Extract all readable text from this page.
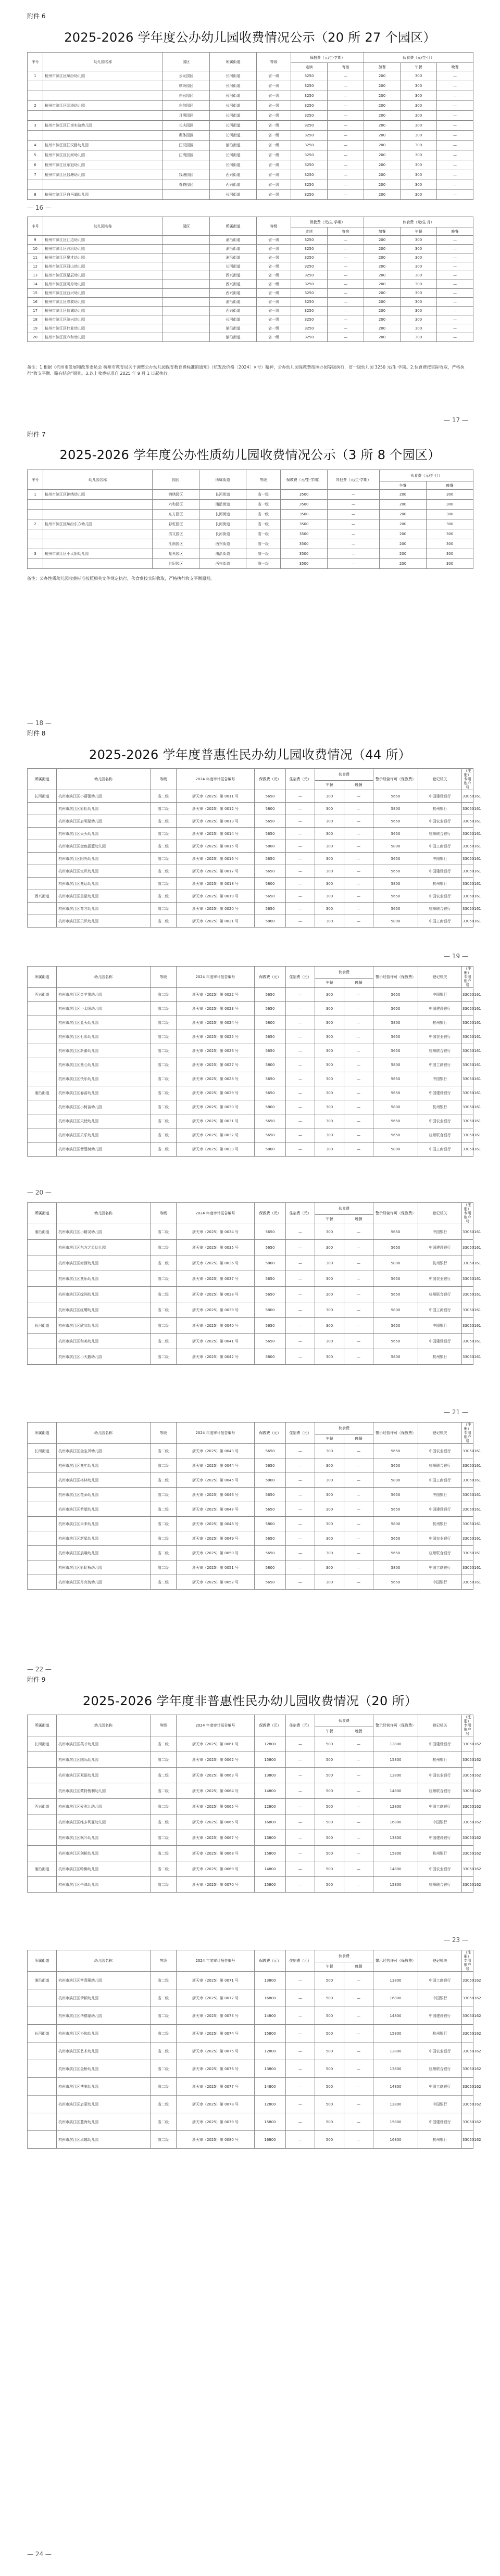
附件 6
2025-2026 学年度公办幼儿园收费情况公示（20 所 27 个园区）
序号	幼儿园名称	园区	所属街道	等级	保教费（元/生·学期）		伙食费（元/生·月）		
					走读	寄宿	加餐	午餐	晚餐
1	杭州市滨江区缤纷幼儿园	公元园区	长河街道	省一级	3250	—	200	300	—
		缤纷园区	长河街道	省一级	3250	—	200	300	—
		东冠园区	长河街道	省一级	3250	—	200	300	—
2	杭州市滨江区闻涛幼儿园	东信园区	长河街道	省一级	3250	—	200	300	—
		月明园区	长河街道	省一级	3250	—	200	300	—
3	杭州市滨江区江南实验幼儿园	长庆园区	长河街道	省一级	3250	—	200	300	—
		奥体园区	长河街道	省一级	3250	—	200	300	—
4	杭州市滨江区江汉路幼儿园	江汉园区	浦沿街道	省一级	3250	—	200	300	—
5	杭州市滨江区长河幼儿园	江湾园区	长河街道	省一级	3250	—	200	300	—
6	杭州市滨江区东冠幼儿园		长河街道	省一级	3250	—	200	300	—
7	杭州市滨江区钱塘幼儿园	钱塘园区	西兴街道	省一级	3250	—	200	300	—
		春晓园区	西兴街道	省一级	3250	—	200	300	—
8	杭州市滨江区白马湖幼儿园		长河街道	省一级	3250	—	200	300	—
— 16 —
序号	幼儿园名称	园区	所属街道	等级	保教费（元/生·学期）		伙食费（元/生·月）		
					走读	寄宿	加餐	午餐	晚餐
9	杭州市滨江区江边幼儿园		浦沿街道	省一级	3250	—	200	300	—
10	杭州市滨江区浦沿幼儿园		浦沿街道	省一级	3250	—	200	300	—
11	杭州市滨江区聚才幼儿园		浦沿街道	省一级	3250	—	200	300	—
12	杭州市滨江区冠山幼儿园		长河街道	省一级	3250	—	200	300	—
13	杭州市滨江区星辰幼儿园		西兴街道	省一级	3250	—	200	300	—
14	杭州市滨江区明月幼儿园		西兴街道	省一级	3250	—	200	300	—
15	杭州市滨江区西兴幼儿园		西兴街道	省一级	3250	—	200	300	—
16	杭州市滨江区春波幼儿园		浦沿街道	省一级	3250	—	200	300	—
17	杭州市滨江区信诚幼儿园		西兴街道	省一级	3250	—	200	300	—
18	杭州市滨江区滨兴幼儿园		长河街道	省一级	3250	—	200	300	—
19	杭州市滨江区伟业幼儿园		浦沿街道	省一级	3250	—	200	300	—
20	杭州市滨江区六和幼儿园		浦沿街道	省一级	3250	—	200	300	—
备注：1.根据《杭州市发展和改革委员会 杭州市教育局关于调整公办幼儿园保育教育费标准的通知》（杭发改价格〔2024〕×号）精神，公办幼儿园保教费按照办园等级执行，省一级幼儿园 3250 元/生·学期。2.伙食费按实际收取，严格执行“收支平衡、略有结余”原则。3.以上收费标准自 2025 年 9 月 1 日起执行。
— 17 —
附件 7
2025-2026 学年度公办性质幼儿园收费情况公示（3 所 8 个园区）
序号	幼儿园名称	园区	所属街道	等级	保教费（元/生·学期）	其他费（元/生·学期）	伙食费（元/生·月）	
							午餐	晚餐
1	杭州市滨江区锦绣幼儿园	锦绣园区	长河街道	省一级	3500	—	200	300
		六和园区	浦沿街道	省一级	3500	—	200	300
		东方园区	长河街道	省一级	3500	—	200	300
2	杭州市滨江区缤纷东方幼儿园	彩虹园区	长河街道	省一级	3500	—	200	300
		滨文园区	长河街道	省一级	3500	—	200	300
		江南园区	西兴街道	省一级	3500	—	200	300
3	杭州市滨江区小太阳幼儿园	星光园区	浦沿街道	省一级	3500	—	200	300
		世纪园区	西兴街道	省一级	3500	—	200	300
备注：公办性质幼儿园收费标准按照相关文件规定执行，伙食费按实际收取，严格执行收支平衡原则。
— 18 —
附件 8
2025-2026 学年度普惠性民办幼儿园收费情况（44 所）
所属街道	幼儿园名称	等级	2024 年度审计报告编号	保教费（元）	住宿费（元）	伙食费		警示经营许可（保教费）	登记机关	（注册）专用账户号
						午餐	晚餐			
长河街道	杭州市滨江区小蓓蕾幼儿园	省二级	浙天审（2025）第 0011 号	5650	—	300	—	5650	中国建设银行	33050161
	杭州市滨江区彩虹幼儿园	省二级	浙天审（2025）第 0012 号	5800	—	300	—	5800	杭州银行	33050161
	杭州市滨江区启明星幼儿园	省二级	浙天审（2025）第 0013 号	5650	—	300	—	5650	中国农业银行	33050161
	杭州市滨江区天天幼儿园	省二级	浙天审（2025）第 0014 号	5650	—	300	—	5650	杭州联合银行	33050161
	杭州市滨江区金色摇篮幼儿园	省二级	浙天审（2025）第 0015 号	5800	—	300	—	5800	中国工商银行	33050161
	杭州市滨江区阳光幼儿园	省二级	浙天审（2025）第 0016 号	5650	—	300	—	5650	中国银行	33050161
	杭州市滨江区宝贝幼儿园	省二级	浙天审（2025）第 0017 号	5650	—	300	—	5650	中国建设银行	33050161
	杭州市滨江区童话幼儿园	省二级	浙天审（2025）第 0018 号	5800	—	300	—	5800	杭州银行	33050161
西兴街道	杭州市滨江区星星幼儿园	省二级	浙天审（2025）第 0019 号	5650	—	300	—	5650	中国农业银行	33050161
	杭州市滨江区育才幼儿园	省二级	浙天审（2025）第 0020 号	5650	—	300	—	5650	杭州联合银行	33050161
	杭州市滨江区贝贝幼儿园	省二级	浙天审（2025）第 0021 号	5800	—	300	—	5800	中国工商银行	33050161
— 19 —
所属街道	幼儿园名称	等级	2024 年度审计报告编号	保教费（元）	住宿费（元）	伙食费		警示经营许可（保教费）	登记机关	（注册）专用账户号
						午餐	晚餐			
西兴街道	杭州市滨江区金苹果幼儿园	省二级	浙天审（2025）第 0022 号	5650	—	300	—	5650	中国银行	33050161
	杭州市滨江区小太阳幼儿园	省二级	浙天审（2025）第 0023 号	5650	—	300	—	5650	中国建设银行	33050161
	杭州市滨江区蓝天幼儿园	省二级	浙天审（2025）第 0024 号	5800	—	300	—	5800	杭州银行	33050161
	杭州市滨江区七彩幼儿园	省二级	浙天审（2025）第 0025 号	5650	—	300	—	5650	中国农业银行	33050161
	杭州市滨江区新蕾幼儿园	省二级	浙天审（2025）第 0026 号	5650	—	300	—	5650	杭州联合银行	33050161
	杭州市滨江区童心幼儿园	省二级	浙天审（2025）第 0027 号	5800	—	300	—	5800	中国工商银行	33050161
	杭州市滨江区快乐幼儿园	省二级	浙天审（2025）第 0028 号	5650	—	300	—	5650	中国银行	33050161
浦沿街道	杭州市滨江区春苗幼儿园	省二级	浙天审（2025）第 0029 号	5650	—	300	—	5650	中国建设银行	33050161
	杭州市滨江区小树苗幼儿园	省二级	浙天审（2025）第 0030 号	5800	—	300	—	5800	杭州银行	33050161
	杭州市滨江区天使幼儿园	省二级	浙天审（2025）第 0031 号	5650	—	300	—	5650	中国农业银行	33050161
	杭州市滨江区乐乐幼儿园	省二级	浙天审（2025）第 0032 号	5650	—	300	—	5650	杭州联合银行	33050161
	杭州市滨江区智慧树幼儿园	省二级	浙天审（2025）第 0033 号	5800	—	300	—	5800	中国工商银行	33050161
— 20 —
所属街道	幼儿园名称	等级	2024 年度审计报告编号	保教费（元）	住宿费（元）	伙食费		警示经营许可（保教费）	登记机关	（注册）专用账户号
						午餐	晚餐			
浦沿街道	杭州市滨江区小精灵幼儿园	省二级	浙天审（2025）第 0034 号	5650	—	300	—	5650	中国银行	33050161
	杭州市滨江区东方之星幼儿园	省二级	浙天审（2025）第 0035 号	5650	—	300	—	5650	中国建设银行	33050161
	杭州市滨江区海豚幼儿园	省二级	浙天审（2025）第 0036 号	5800	—	300	—	5800	杭州银行	33050161
	杭州市滨江区童乐幼儿园	省二级	浙天审（2025）第 0037 号	5650	—	300	—	5650	中国农业银行	33050161
	杭州市滨江区绿洲幼儿园	省二级	浙天审（2025）第 0038 号	5650	—	300	—	5650	杭州联合银行	33050161
	杭州市滨江区红缨幼儿园	省二级	浙天审（2025）第 0039 号	5800	—	300	—	5800	中国工商银行	33050161
长河街道	杭州市滨江区欣欣幼儿园	省二级	浙天审（2025）第 0040 号	5650	—	300	—	5650	中国银行	33050161
	杭州市滨江区和美幼儿园	省二级	浙天审（2025）第 0041 号	5650	—	300	—	5650	中国建设银行	33050161
	杭州市滨江区小天鹅幼儿园	省二级	浙天审（2025）第 0042 号	5800	—	300	—	5800	杭州银行	33050161
— 21 —
所属街道	幼儿园名称	等级	2024 年度审计报告编号	保教费（元）	住宿费（元）	伙食费		警示经营许可（保教费）	登记机关	（注册）专用账户号
						午餐	晚餐			
长河街道	杭州市滨江区金宝贝幼儿园	省二级	浙天审（2025）第 0043 号	5650	—	300	—	5650	中国农业银行	33050161
	杭州市滨江区童年幼儿园	省二级	浙天审（2025）第 0044 号	5650	—	300	—	5650	杭州联合银行	33050161
	杭州市滨江区格林幼儿园	省二级	浙天审（2025）第 0045 号	5800	—	300	—	5800	中国工商银行	33050161
	杭州市滨江区花朵幼儿园	省二级	浙天审（2025）第 0046 号	5650	—	300	—	5650	中国银行	33050161
	杭州市滨江区希望幼儿园	省二级	浙天审（2025）第 0047 号	5650	—	300	—	5650	中国建设银行	33050161
	杭州市滨江区未来幼儿园	省二级	浙天审（2025）第 0048 号	5800	—	300	—	5800	杭州银行	33050161
	杭州市滨江区新星幼儿园	省二级	浙天审（2025）第 0049 号	5650	—	300	—	5650	中国农业银行	33050161
	杭州市滨江区晨曦幼儿园	省二级	浙天审（2025）第 0050 号	5650	—	300	—	5650	杭州联合银行	33050161
	杭州市滨江区彩虹桥幼儿园	省二级	浙天审（2025）第 0051 号	5800	—	300	—	5800	中国工商银行	33050161
	杭州市滨江区月亮湾幼儿园	省二级	浙天审（2025）第 0052 号	5650	—	300	—	5650	中国银行	33050161
— 22 —
附件 9
2025-2026 学年度非普惠性民办幼儿园收费情况（20 所）
所属街道	幼儿园名称	等级	2024 年度审计报告编号	保教费（元）	住宿费（元）	伙食费		警示经营许可（保教费）	登记机关	（注册）专用账户号
						午餐	晚餐			
长河街道	杭州市滨江区英才幼儿园	省二级	浙天审（2025）第 0061 号	12800	—	500	—	12800	中国建设银行	33050162
	杭州市滨江区国际幼儿园	省二级	浙天审（2025）第 0062 号	15800	—	500	—	15800	杭州银行	33050162
	杭州市滨江区双语幼儿园	省二级	浙天审（2025）第 0063 号	13800	—	500	—	13800	中国农业银行	33050162
	杭州市滨江区蒙特梭利幼儿园	省二级	浙天审（2025）第 0064 号	14800	—	500	—	14800	杭州联合银行	33050162
西兴街道	杭州市滨江区爱弥儿幼儿园	省二级	浙天审（2025）第 0065 号	12800	—	500	—	12800	中国工商银行	33050162
	杭州市滨江区维多利亚幼儿园	省二级	浙天审（2025）第 0066 号	16800	—	500	—	16800	中国银行	33050162
	杭州市滨江区枫叶幼儿园	省二级	浙天审（2025）第 0067 号	13800	—	500	—	13800	中国建设银行	33050162
	杭州市滨江区剑桥幼儿园	省二级	浙天审（2025）第 0068 号	15800	—	500	—	15800	杭州银行	33050162
浦沿街道	杭州市滨江区哈佛幼儿园	省二级	浙天审（2025）第 0069 号	14800	—	500	—	14800	中国农业银行	33050162
	杭州市滨江区牛津幼儿园	省二级	浙天审（2025）第 0070 号	15800	—	500	—	15800	杭州联合银行	33050162
— 23 —
所属街道	幼儿园名称	等级	2024 年度审计报告编号	保教费（元）	住宿费（元）	伙食费		警示经营许可（保教费）	登记机关	（注册）专用账户号
						午餐	晚餐			
浦沿街道	杭州市滨江区常青藤幼儿园	省二级	浙天审（2025）第 0071 号	13800	—	500	—	13800	中国工商银行	33050162
	杭州市滨江区伊顿幼儿园	省二级	浙天审（2025）第 0072 号	16800	—	500	—	16800	中国银行	33050162
	杭州市滨江区华德福幼儿园	省二级	浙天审（2025）第 0073 号	14800	—	500	—	14800	中国建设银行	33050162
长河街道	杭州市滨江区协和幼儿园	省二级	浙天审（2025）第 0074 号	15800	—	500	—	15800	杭州银行	33050162
	杭州市滨江区艺术幼儿园	省二级	浙天审（2025）第 0075 号	12800	—	500	—	12800	中国农业银行	33050162
	杭州市滨江区金桥幼儿园	省二级	浙天审（2025）第 0076 号	13800	—	500	—	13800	杭州联合银行	33050162
	杭州市滨江区博雅幼儿园	省二级	浙天审（2025）第 0077 号	14800	—	500	—	14800	中国工商银行	33050162
	杭州市滨江区启蒙幼儿园	省二级	浙天审（2025）第 0078 号	12800	—	500	—	12800	中国银行	33050162
	杭州市滨江区蓝海幼儿园	省二级	浙天审（2025）第 0079 号	15800	—	500	—	15800	中国建设银行	33050162
	杭州市滨江区卓越幼儿园	省二级	浙天审（2025）第 0080 号	16800	—	500	—	16800	杭州银行	33050162
— 24 —
